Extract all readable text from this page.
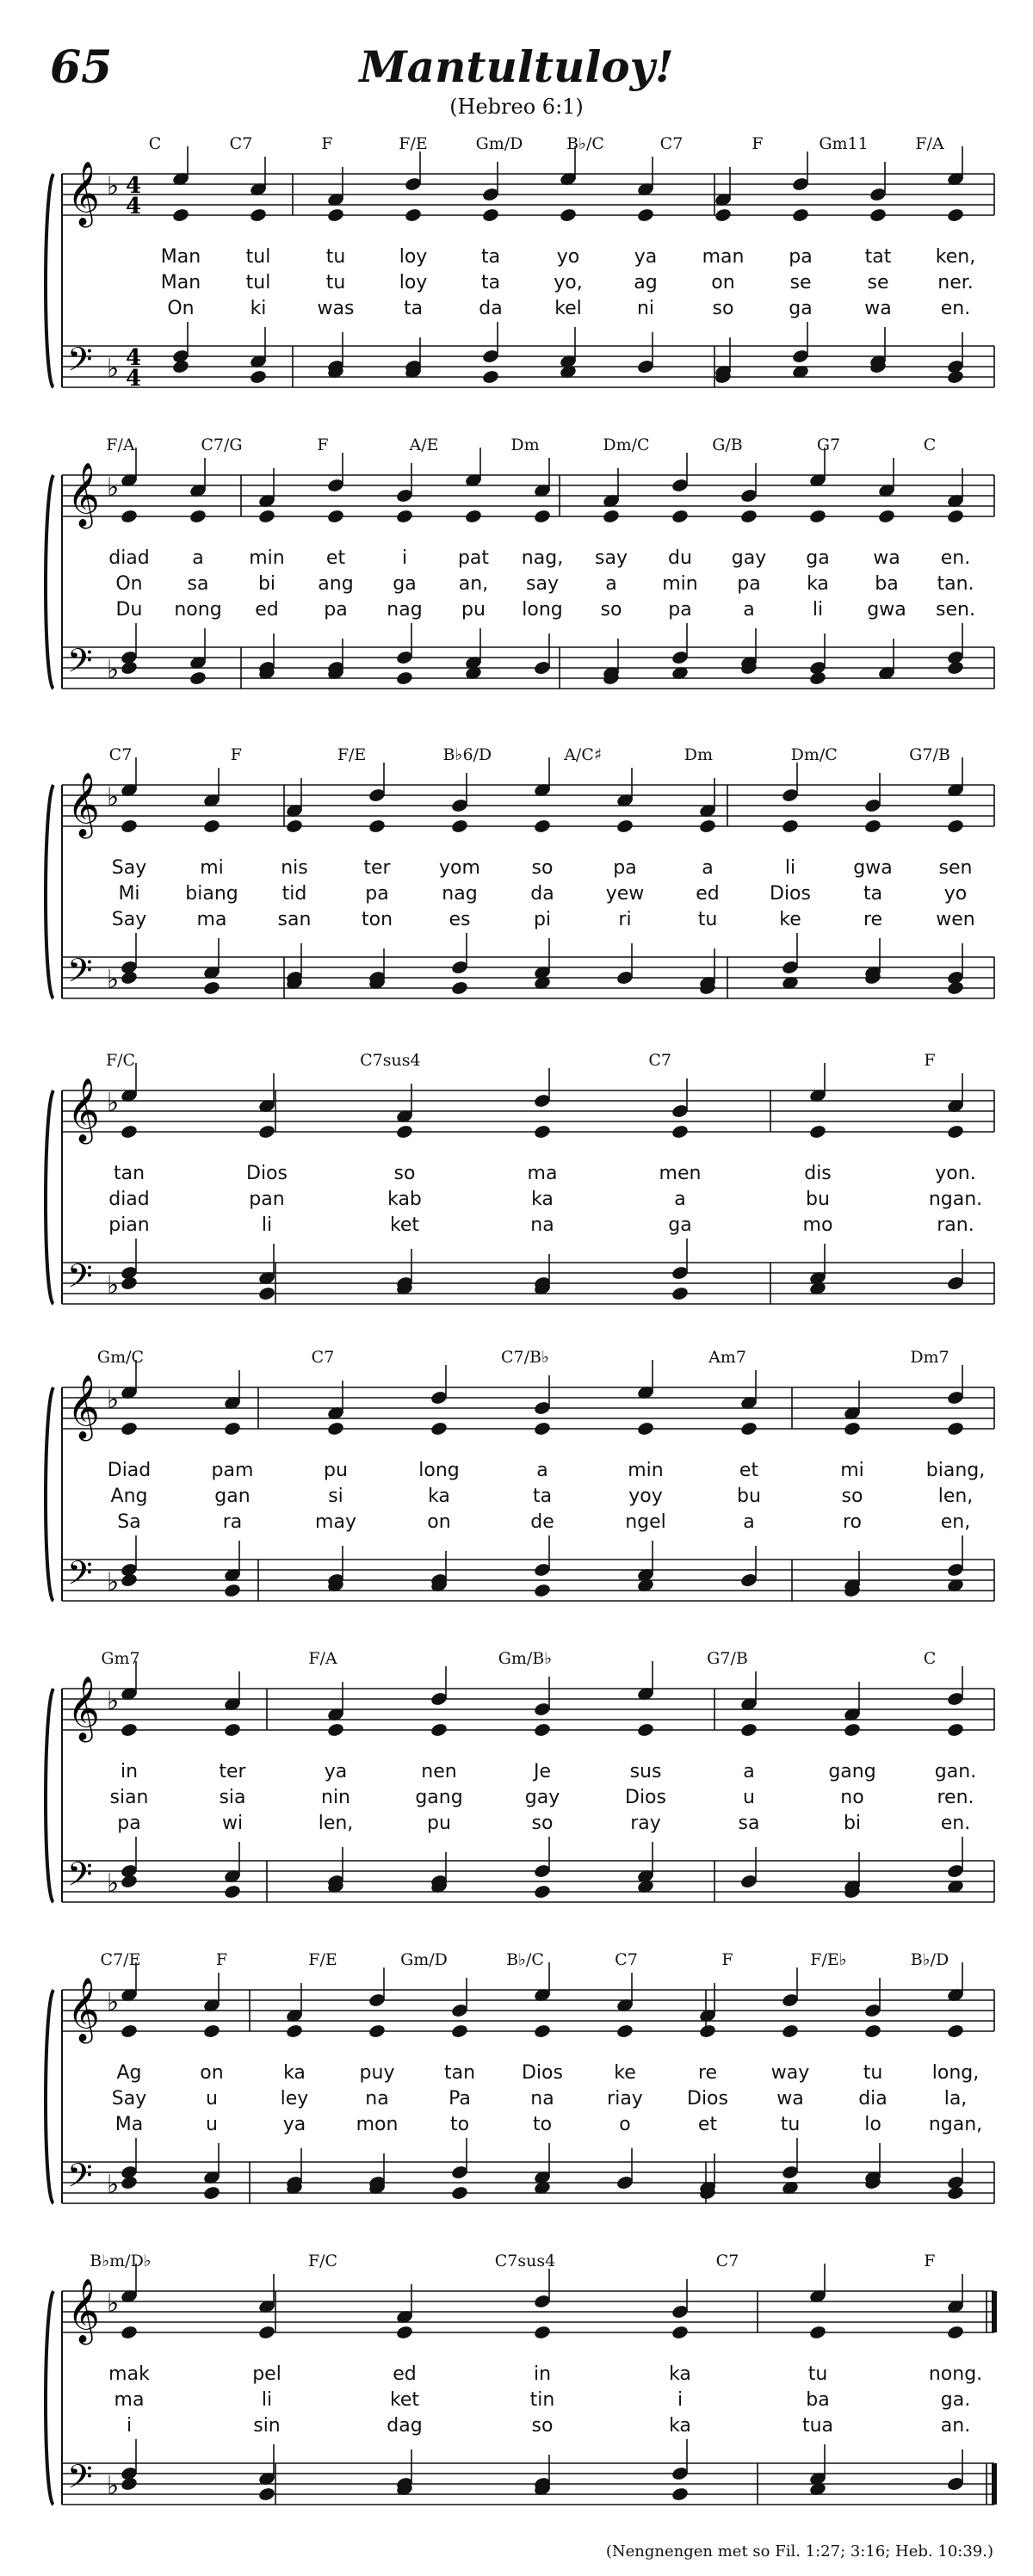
65	Mantultuloy!
(Hebreo 6:1)
𝄞 ♭ 4
4
𝄢 ♭ 4
4
C	C7	F	F/E	Gm/D	B♭/C	C7	F	Gm11	F/A
Man tul	tu	loy	ta	yo	ya man pa	tat ken,
Man tul	tu	loy	ta	yo,	ag	on	se	se	ner.
On	ki	was	ta	da	kel	ni	so	ga	wa	en.
𝄞 ♭
𝄢 ♭
F/A	C7/G	F	A/E	Dm	Dm/C	G/B	G7	C
diad a min et	i	pat nag, say du gay ga wa en.
On sa	bi ang ga an, say a min pa ka ba tan.
Du nong ed pa nag pu long so pa	a	li gwa sen.
𝄞 ♭
𝄢 ♭
C7	F	F/E	B♭6/D	A/C♯	Dm	Dm/C	G7/B
Say	mi	nis	ter	yom	so	pa	a	li	gwa sen
Mi biang tid	pa	nag	da	yew	ed	Dios	ta	yo
Say	ma	san	ton	es	pi	ri	tu	ke	re	wen
𝄞 ♭
𝄢 ♭
F/C	C7sus4	C7	F
tan	Dios	so	ma	men	dis	yon.
diad	pan	kab	ka	a	bu	ngan.
pian	li	ket	na	ga	mo	ran.
𝄞 ♭
𝄢 ♭
Gm/C	C7	C7/B♭	Am7	Dm7
Diad	pam	pu	long	a	min	et	mi	biang,
Ang	gan	si	ka	ta	yoy	bu	so	len,
Sa	ra	may	on	de	ngel	a	ro	en,
𝄞 ♭
𝄢 ♭
Gm7	F/A	Gm/B♭	G7/B	C
in	ter	ya	nen	Je	sus	a	gang	gan.
sian	sia	nin	gang	gay	Dios	u	no	ren.
pa	wi	len,	pu	so	ray	sa	bi	en.
𝄞 ♭
𝄢 ♭
C7/E	F	F/E	Gm/D	B♭/C	C7	F	F/E♭	B♭/D
Ag	on	ka	puy	tan Dios	ke	re	way	tu	long,
Say	u	ley	na	Pa	na	riay Dios	wa	dia	la,
Ma	u	ya	mon	to	to	o	et	tu	lo	ngan,
𝄞 ♭
𝄢 ♭
B♭m/D♭	F/C	C7sus4	C7	F
mak	pel	ed	in	ka	tu	nong.
ma	li	ket	tin	i	ba	ga.
i	sin	dag	so	ka	tua	an.
(Nengnengen met so Fil. 1:27; 3:16; Heb. 10:39.)
